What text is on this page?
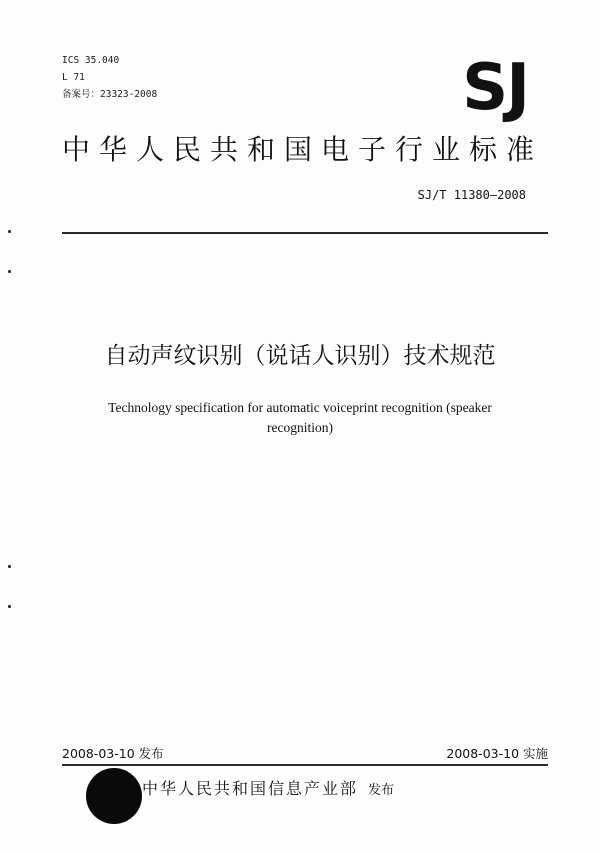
ICS 35.040
L 71
备案号：23323-2008	SJ
中华人民共和国电子行业标准
SJ/T 11380—2008
自动声纹识别（说话人识别）技术规范
Technology specification for automatic voiceprint recognition (speaker recognition)
2008-03-10 发布	2008-03-10 实施
中华人民共和国信息产业部 发布
